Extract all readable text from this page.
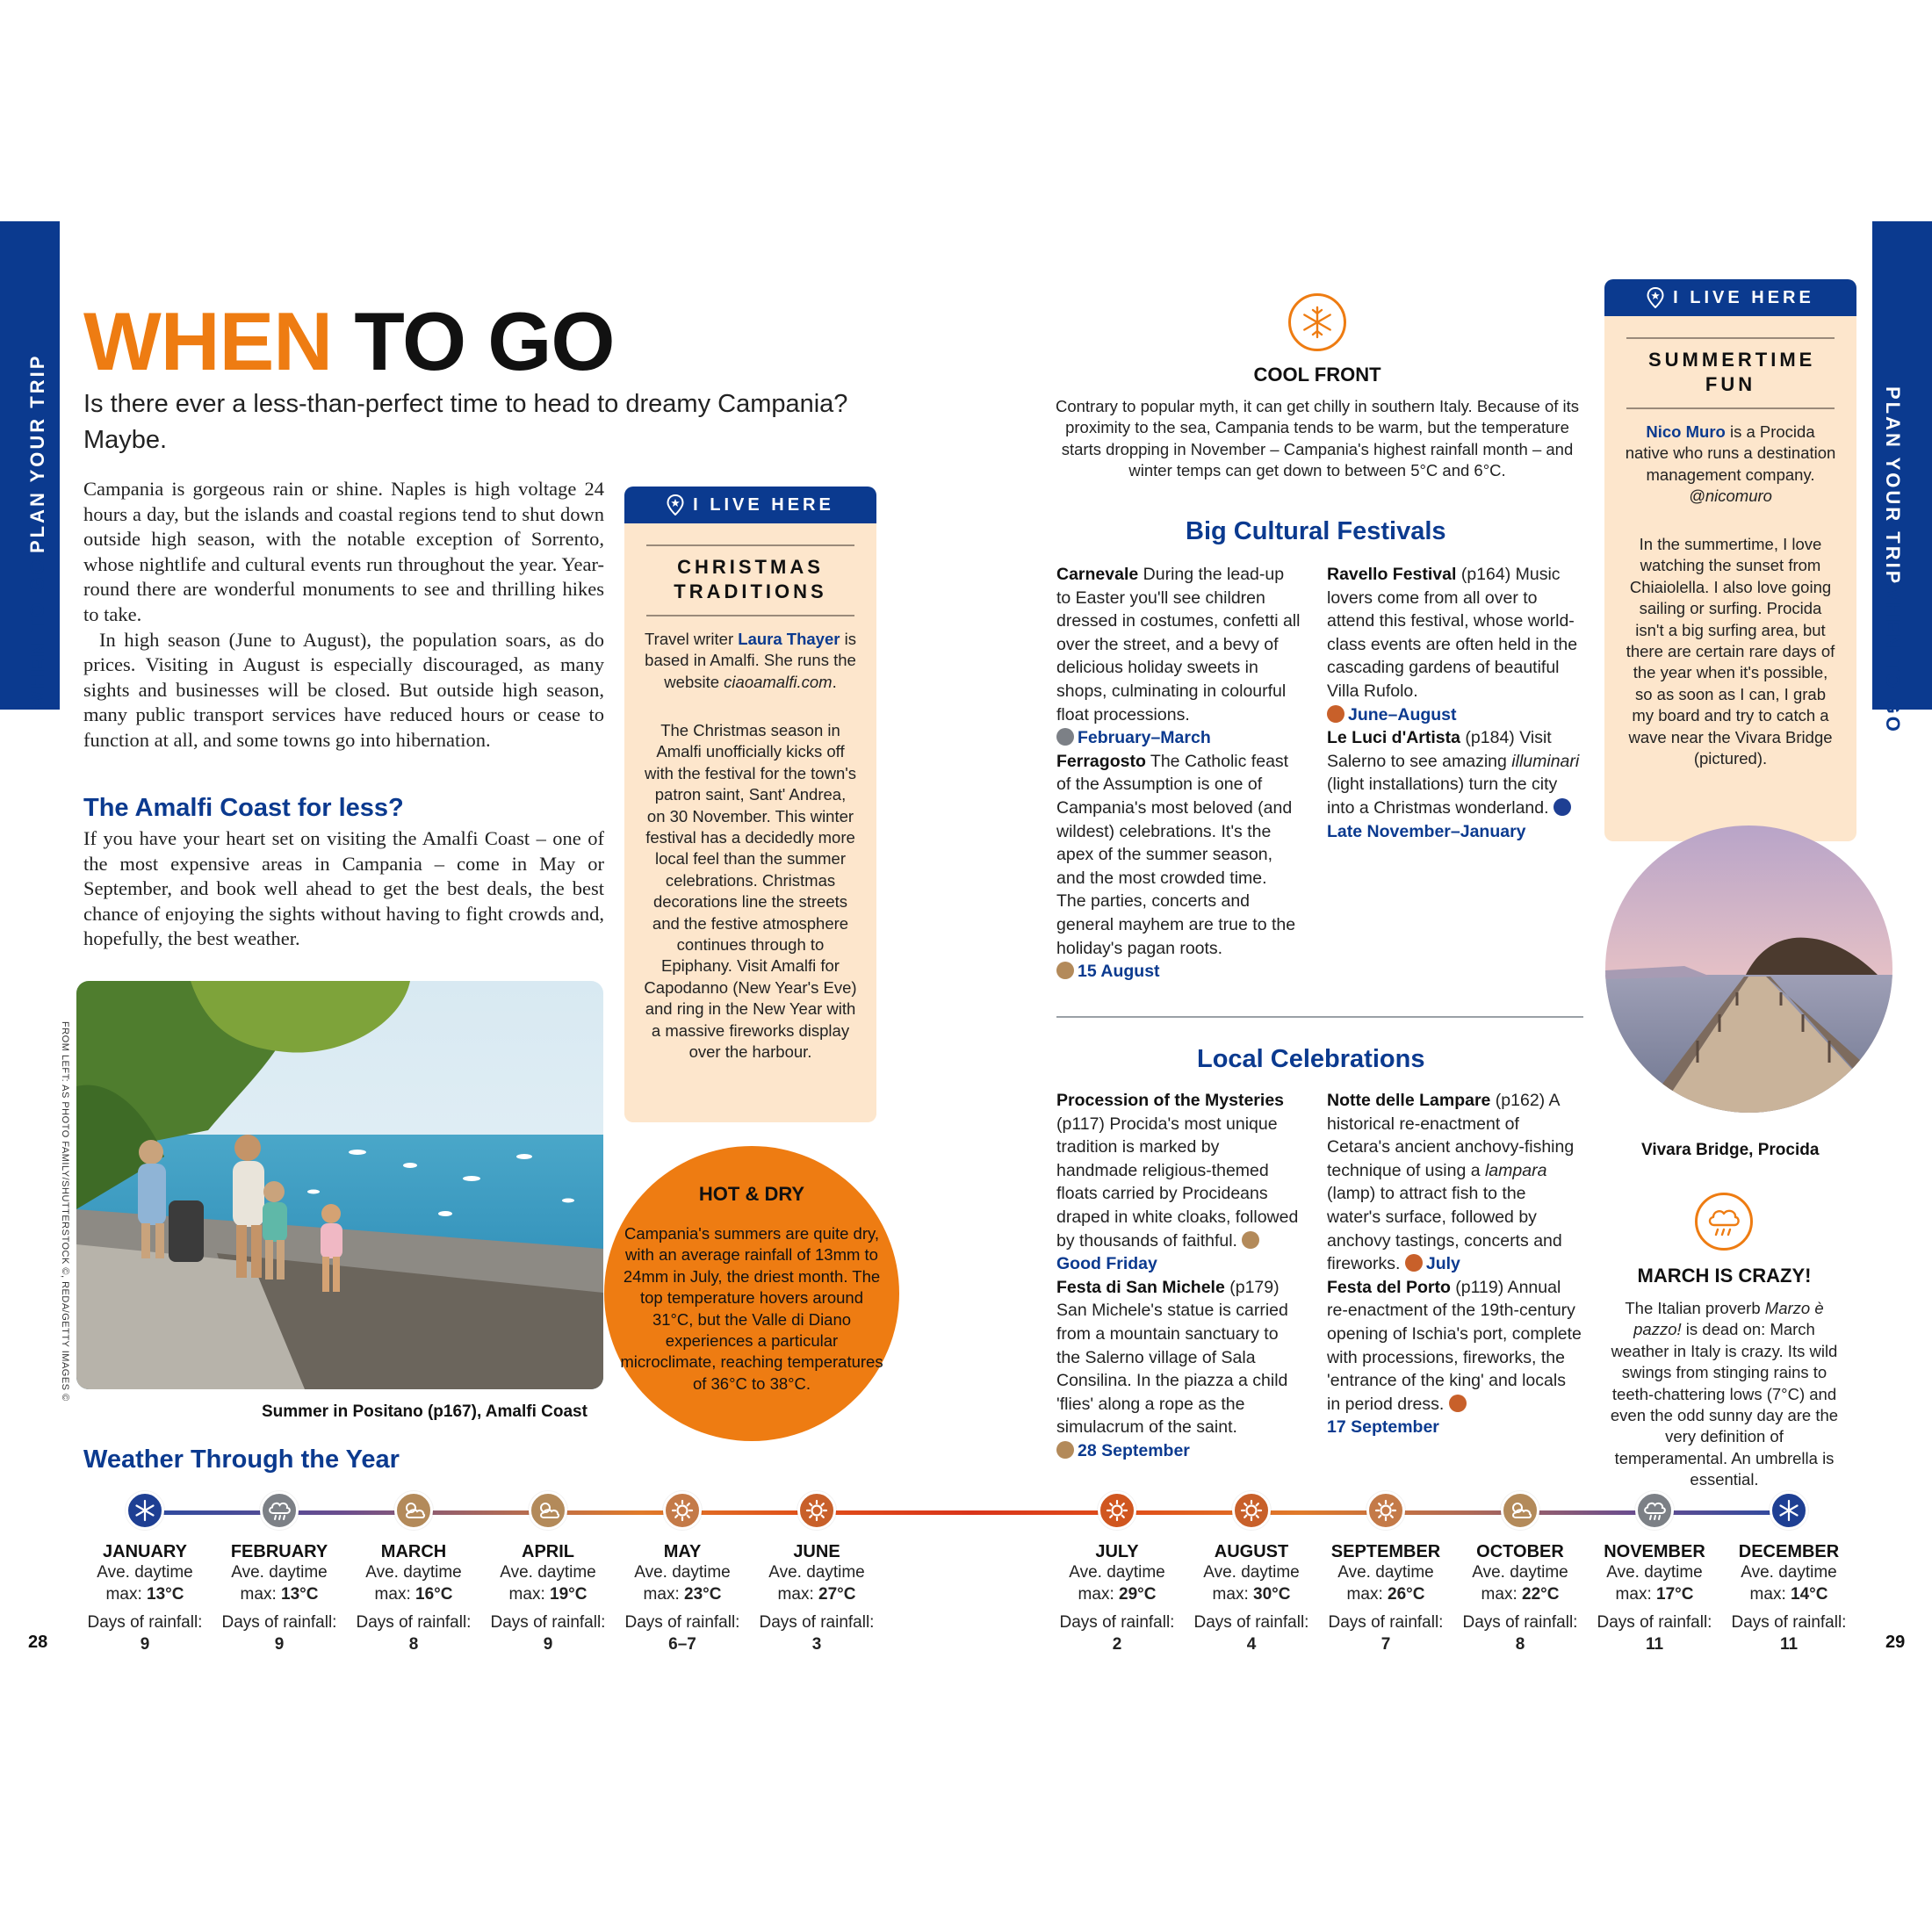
PLAN YOUR TRIP
WHEN TO GO
PLAN YOUR TRIP
WHEN TO GO
WHEN TO GO
Is there ever a less-than-perfect time to head to dreamy Campania? Maybe.

Campania is gorgeous rain or shine. Naples is high voltage 24 hours a day, but the islands and coastal regions tend to shut down outside high season, with the notable exception of Sorrento, whose nightlife and cultural events run throughout the year. Year-round there are wonderful monuments to see and thrilling hikes to take.

In high season (June to August), the population soars, as do prices. Visiting in August is especially discouraged, as many sights and businesses will be closed. But outside high season, many public transport services have reduced hours or cease to function at all, and some towns go into hibernation.

The Amalfi Coast for less?
If you have your heart set on visiting the Amalfi Coast – one of the most expensive areas in Campania – come in May or September, and book well ahead to get the best deals, the best chance of enjoying the sights without having to fight crowds and, hopefully, the best weather.
I LIVE HERE
CHRISTMAS TRADITIONS
Travel writer Laura Thayer is based in Amalfi. She runs the website ciaoamalfi.com.
The Christmas season in Amalfi unofficially kicks off with the festival for the town's patron saint, Sant' Andrea, on 30 November. This winter festival has a decidedly more local feel than the summer celebrations. Christmas decorations line the streets and the festive atmosphere continues through to Epiphany. Visit Amalfi for Capodanno (New Year's Eve) and ring in the New Year with a massive fireworks display over the harbour.
FROM LEFT: AS PHOTO FAMILY/SHUTTERSTOCK ©, REDA/GETTY IMAGES ©
Summer in Positano (p167), Amalfi Coast
HOT & DRY
Campania's summers are quite dry, with an average rainfall of 13mm to 24mm in July, the driest month. The top temperature hovers around 31°C, but the Valle di Diano experiences a particular microclimate, reaching temperatures of 36°C to 38°C.
COOL FRONT
Contrary to popular myth, it can get chilly in southern Italy. Because of its proximity to the sea, Campania tends to be warm, but the temperature starts dropping in November – Campania's highest rainfall month – and winter temps can get down to between 5°C and 6°C.
Big Cultural Festivals

Carnevale During the lead-up to Easter you'll see children dressed in costumes, confetti all over the street, and a bevy of delicious holiday sweets in shops, culminating in colourful float processions.
February–March

Ferragosto The Catholic feast of the Assumption is one of Campania's most beloved (and wildest) celebrations. It's the apex of the summer season, and the most crowded time. The parties, concerts and general mayhem are true to the holiday's pagan roots.
15 August

Ravello Festival (p164) Music lovers come from all over to attend this festival, whose world-class events are often held in the cascading gardens of beautiful Villa Rufolo.
June–August

Le Luci d'Artista (p184) Visit Salerno to see amazing illuminari (light installations) turn the city into a Christmas wonderland. Late November–January

Local Celebrations

Procession of the Mysteries (p117) Procida's most unique tradition is marked by handmade religious-themed floats carried by Procideans draped in white cloaks, followed by thousands of faithful. Good Friday

Festa di San Michele (p179) San Michele's statue is carried from a mountain sanctuary to the Salerno village of Sala Consilina. In the piazza a child 'flies' along a rope as the simulacrum of the saint.
28 September

Notte delle Lampare (p162) A historical re-enactment of Cetara's ancient anchovy-fishing technique of using a lampara (lamp) to attract fish to the water's surface, followed by anchovy tastings, concerts and fireworks. July

Festa del Porto (p119) Annual re-enactment of the 19th-century opening of Ischia's port, complete with processions, fireworks, the 'entrance of the king' and locals in period dress.
17 September

I LIVE HERE
SUMMERTIME FUN
Nico Muro is a Procida native who runs a destination management company.
@nicomuro
In the summertime, I love watching the sunset from Chiaiolella. I also love going sailing or surfing. Procida isn't a big surfing area, but there are certain rare days of the year when it's possible, so as soon as I can, I grab my board and try to catch a wave near the Vivara Bridge (pictured).
Vivara Bridge, Procida
MARCH IS CRAZY!
The Italian proverb Marzo è pazzo! is dead on: March weather in Italy is crazy. Its wild swings from stinging rains to teeth-chattering lows (7°C) and even the odd sunny day are the very definition of temperamental. An umbrella is essential.
Weather Through the Year
JANUARY
Ave. daytime
max: 13°C
Days of rainfall:
9
FEBRUARY
Ave. daytime
max: 13°C
Days of rainfall:
9
MARCH
Ave. daytime
max: 16°C
Days of rainfall:
8
APRIL
Ave. daytime
max: 19°C
Days of rainfall:
9
MAY
Ave. daytime
max: 23°C
Days of rainfall:
6–7
JUNE
Ave. daytime
max: 27°C
Days of rainfall:
3
JULY
Ave. daytime
max: 29°C
Days of rainfall:
2
AUGUST
Ave. daytime
max: 30°C
Days of rainfall:
4
SEPTEMBER
Ave. daytime
max: 26°C
Days of rainfall:
7
OCTOBER
Ave. daytime
max: 22°C
Days of rainfall:
8
NOVEMBER
Ave. daytime
max: 17°C
Days of rainfall:
11
DECEMBER
Ave. daytime
max: 14°C
Days of rainfall:
11
28	29
